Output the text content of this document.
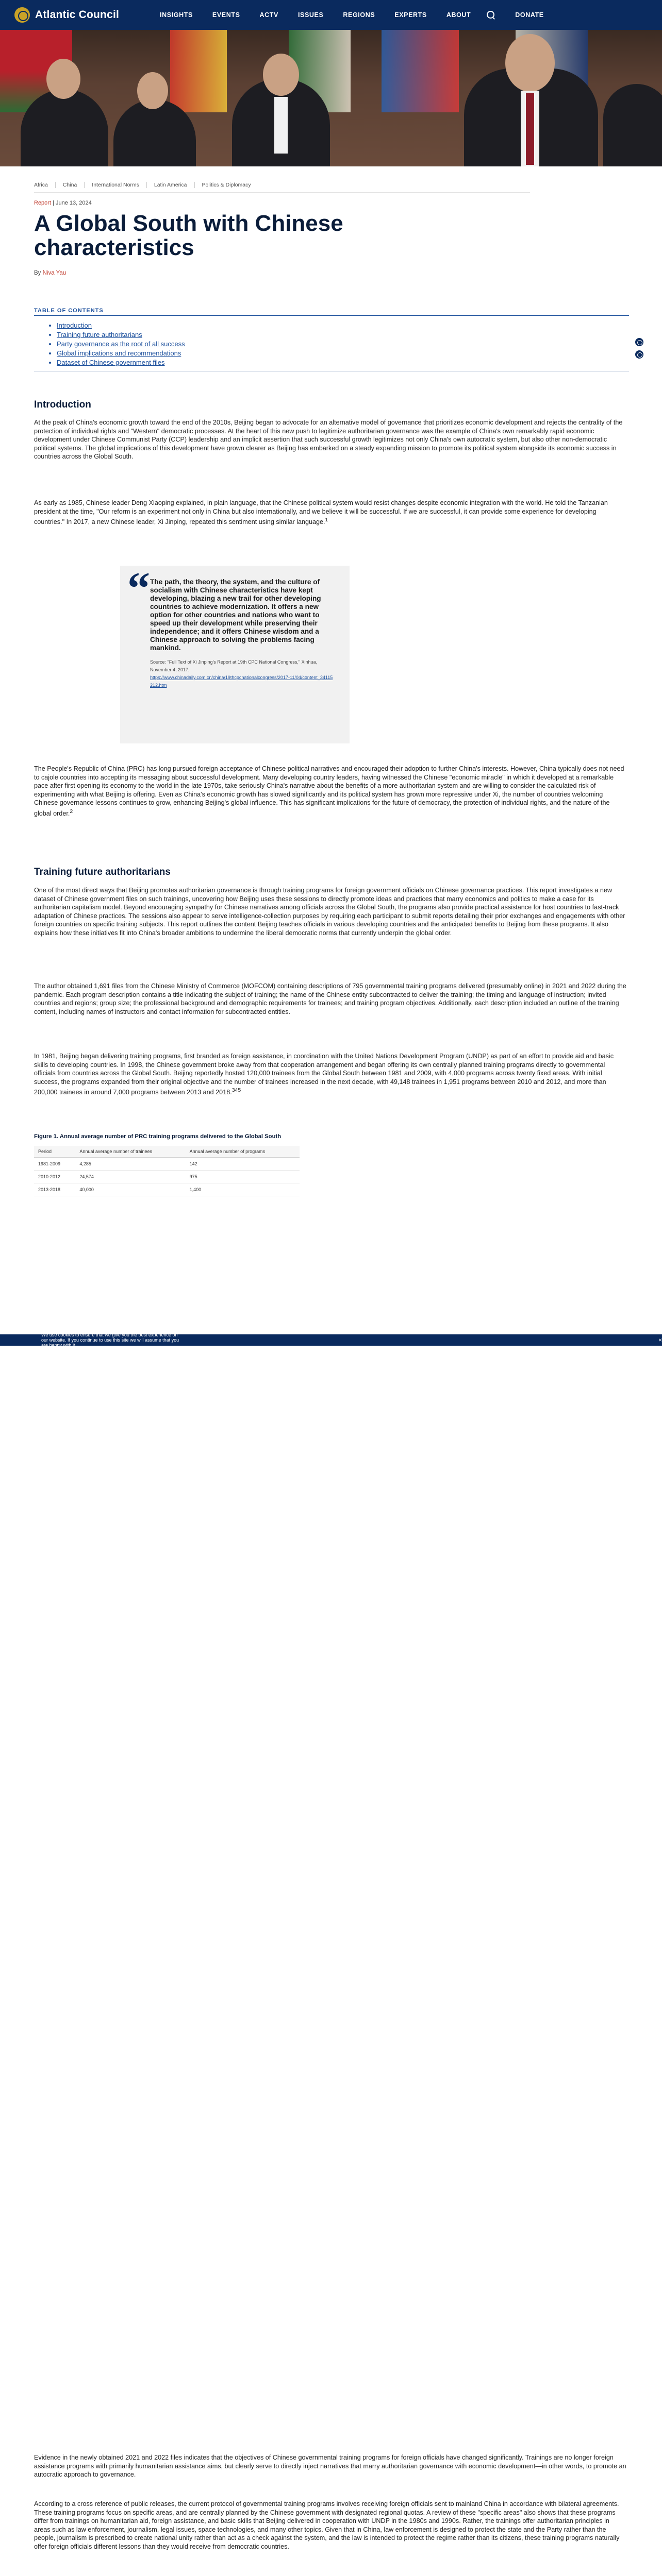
Atlantic Council	INSIGHTS	EVENTS	ACTV	ISSUES	REGIONS	EXPERTS	ABOUT	DONATE
Africa	China	International Norms	Latin America	Politics & Diplomacy
Report | June 13, 2024
A Global South with Chinese characteristics
By Niva Yau
TABLE OF CONTENTS
• Introduction
• Training future authoritarians
• Party governance as the root of all success
• Global implications and recommendations
• Dataset of Chinese government files
Introduction

At the peak of China's economic growth toward the end of the 2010s, Beijing began to advocate for an alternative model of governance that prioritizes economic development and rejects the centrality of the protection of individual rights and "Western" democratic processes. At the heart of this new push to legitimize authoritarian governance was the example of China's own remarkably rapid economic development under Chinese Communist Party (CCP) leadership and an implicit assertion that such successful growth legitimizes not only China's own autocratic system, but also other non-democratic political systems. The global implications of this development have grown clearer as Beijing has embarked on a steady expanding mission to promote its political system alongside its economic success in countries across the Global South.

As early as 1985, Chinese leader Deng Xiaoping explained, in plain language, that the Chinese political system would resist changes despite economic integration with the world. He told the Tanzanian president at the time, "Our reform is an experiment not only in China but also internationally, and we believe it will be successful. If we are successful, it can provide some experience for developing countries." In 2017, a new Chinese leader, Xi Jinping, repeated this sentiment using similar language.$^1$

“ The path, the theory, the system, and the culture of socialism with Chinese characteristics have kept developing, blazing a new trail for other developing countries to achieve modernization. It offers a new option for other countries and nations who want to speed up their development while preserving their independence; and it offers Chinese wisdom and a Chinese approach to solving the problems facing mankind.
Source: "Full Text of Xi Jinping's Report at 19th CPC National Congress," Xinhua, November 4, 2017,
https://www.chinadaily.com.cn/china/19thcpcnationalcongress/2017-11/04/content_34115212.htm

The People's Republic of China (PRC) has long pursued foreign acceptance of Chinese political narratives and encouraged their adoption to further China's interests. However, China typically does not need to cajole countries into accepting its messaging about successful development. Many developing country leaders, having witnessed the Chinese "economic miracle" in which it developed at a remarkable pace after first opening its economy to the world in the late 1970s, take seriously China's narrative about the benefits of a more authoritarian system and are willing to consider the calculated risk of experimenting with what Beijing is offering. Even as China's economic growth has slowed significantly and its political system has grown more repressive under Xi, the number of countries welcoming Chinese governance lessons continues to grow, enhancing Beijing's global influence. This has significant implications for the future of democracy, the protection of individual rights, and the nature of the global order.$^2$

Training future authoritarians

One of the most direct ways that Beijing promotes authoritarian governance is through training programs for foreign government officials on Chinese governance practices. This report investigates a new dataset of Chinese government files on such trainings, uncovering how Beijing uses these sessions to directly promote ideas and practices that marry economics and politics to make a case for its authoritarian capitalism model. Beyond encouraging sympathy for Chinese narratives among officials across the Global South, the programs also provide practical assistance for host countries to fast-track adaptation of Chinese practices. The sessions also appear to serve intelligence-collection purposes by requiring each participant to submit reports detailing their prior exchanges and engagements with other foreign countries on specific training subjects. This report outlines the content Beijing teaches officials in various developing countries and the anticipated benefits to Beijing from these programs. It also explains how these initiatives fit into China's broader ambitions to undermine the liberal democratic norms that currently underpin the global order.

The author obtained 1,691 files from the Chinese Ministry of Commerce (MOFCOM) containing descriptions of 795 governmental training programs delivered (presumably online) in 2021 and 2022 during the pandemic. Each program description contains a title indicating the subject of training; the name of the Chinese entity subcontracted to deliver the training; the timing and language of instruction; invited countries and regions; group size; the professional background and demographic requirements for trainees; and training program objectives. Additionally, each description included an outline of the training content, including names of instructors and contact information for subcontracted entities.

In 1981, Beijing began delivering training programs, first branded as foreign assistance, in coordination with the United Nations Development Program (UNDP) as part of an effort to provide aid and basic skills to developing countries. In 1998, the Chinese government broke away from that cooperation arrangement and began offering its own centrally planned training programs directly to governmental officials from countries across the Global South. Beijing reportedly hosted 120,000 trainees from the Global South between 1981 and 2009, with 4,000 programs across twenty fixed areas. With initial success, the programs expanded from their original objective and the number of trainees increased in the next decade, with 49,148 trainees in 1,951 programs between 2010 and 2012, and more than 200,000 trainees in around 7,000 programs between 2013 and 2018.$^{345}$

Figure 1. Annual average number of PRC training programs delivered to the Global South
Period	Annual average number of trainees	Annual average number of programs
1981-2009	4,285	142
2010-2012	24,574	975
2013-2018	40,000	1,400
We use cookies to ensure that we give you the best experience on our website. If you continue to use this site we will assume that you are happy with it.
×

Evidence in the newly obtained 2021 and 2022 files indicates that the objectives of Chinese governmental training programs for foreign officials have changed significantly. Trainings are no longer foreign assistance programs with primarily humanitarian assistance aims, but clearly serve to directly inject narratives that marry authoritarian governance with economic development—in other words, to promote an autocratic approach to governance.

According to a cross reference of public releases, the current protocol of governmental training programs involves receiving foreign officials sent to mainland China in accordance with bilateral agreements. These training programs focus on specific areas, and are centrally planned by the Chinese government with designated regional quotas. A review of these "specific areas" also shows that these programs differ from trainings on humanitarian aid, foreign assistance, and basic skills that Beijing delivered in cooperation with UNDP in the 1980s and 1990s. Rather, the trainings offer authoritarian principles in areas such as law enforcement, journalism, legal issues, space technologies, and many other topics. Given that in China, law enforcement is designed to protect the state and the Party rather than the people, journalism is prescribed to create national unity rather than act as a check against the system, and the law is intended to protect the regime rather than its citizens, these training programs naturally offer foreign officials different lessons than they would receive from democratic countries.
